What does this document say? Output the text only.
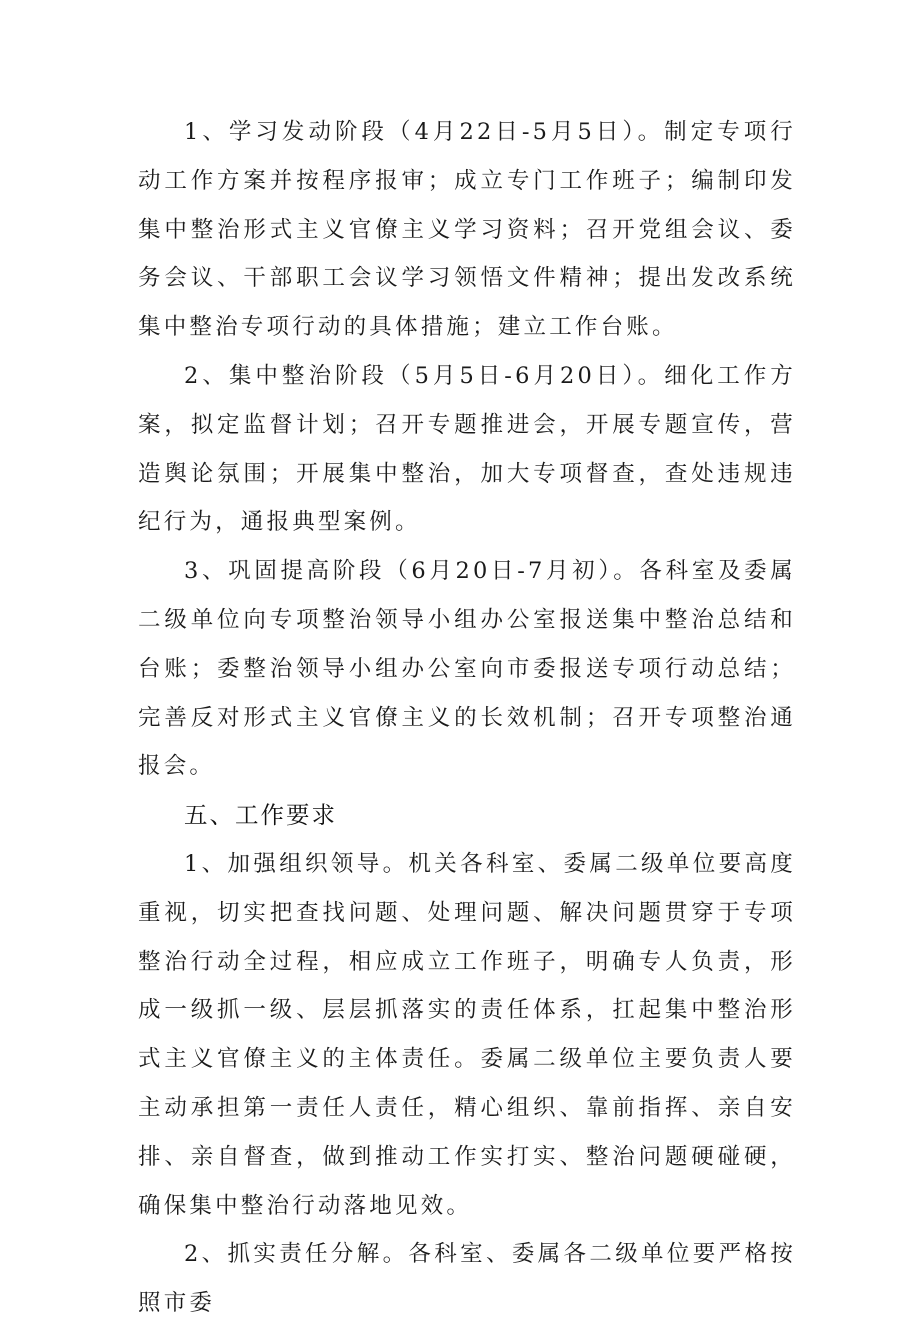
1、学习发动阶段（4月22日-5月5日）。制定专项行动工作方案并按程序报审；成立专门工作班子；编制印发集中整治形式主义官僚主义学习资料；召开党组会议、委务会议、干部职工会议学习领悟文件精神；提出发改系统集中整治专项行动的具体措施；建立工作台账。

2、集中整治阶段（5月5日-6月20日）。细化工作方案，拟定监督计划；召开专题推进会，开展专题宣传，营造舆论氛围；开展集中整治，加大专项督查，查处违规违纪行为，通报典型案例。

3、巩固提高阶段（6月20日-7月初）。各科室及委属二级单位向专项整治领导小组办公室报送集中整治总结和台账；委整治领导小组办公室向市委报送专项行动总结；完善反对形式主义官僚主义的长效机制；召开专项整治通报会。

五、工作要求

1、加强组织领导。机关各科室、委属二级单位要高度重视，切实把查找问题、处理问题、解决问题贯穿于专项整治行动全过程，相应成立工作班子，明确专人负责，形成一级抓一级、层层抓落实的责任体系，扛起集中整治形式主义官僚主义的主体责任。委属二级单位主要负责人要主动承担第一责任人责任，精心组织、靠前指挥、亲自安排、亲自督查，做到推动工作实打实、整治问题硬碰硬，确保集中整治行动落地见效。

2、抓实责任分解。各科室、委属各二级单位要严格按照市委
